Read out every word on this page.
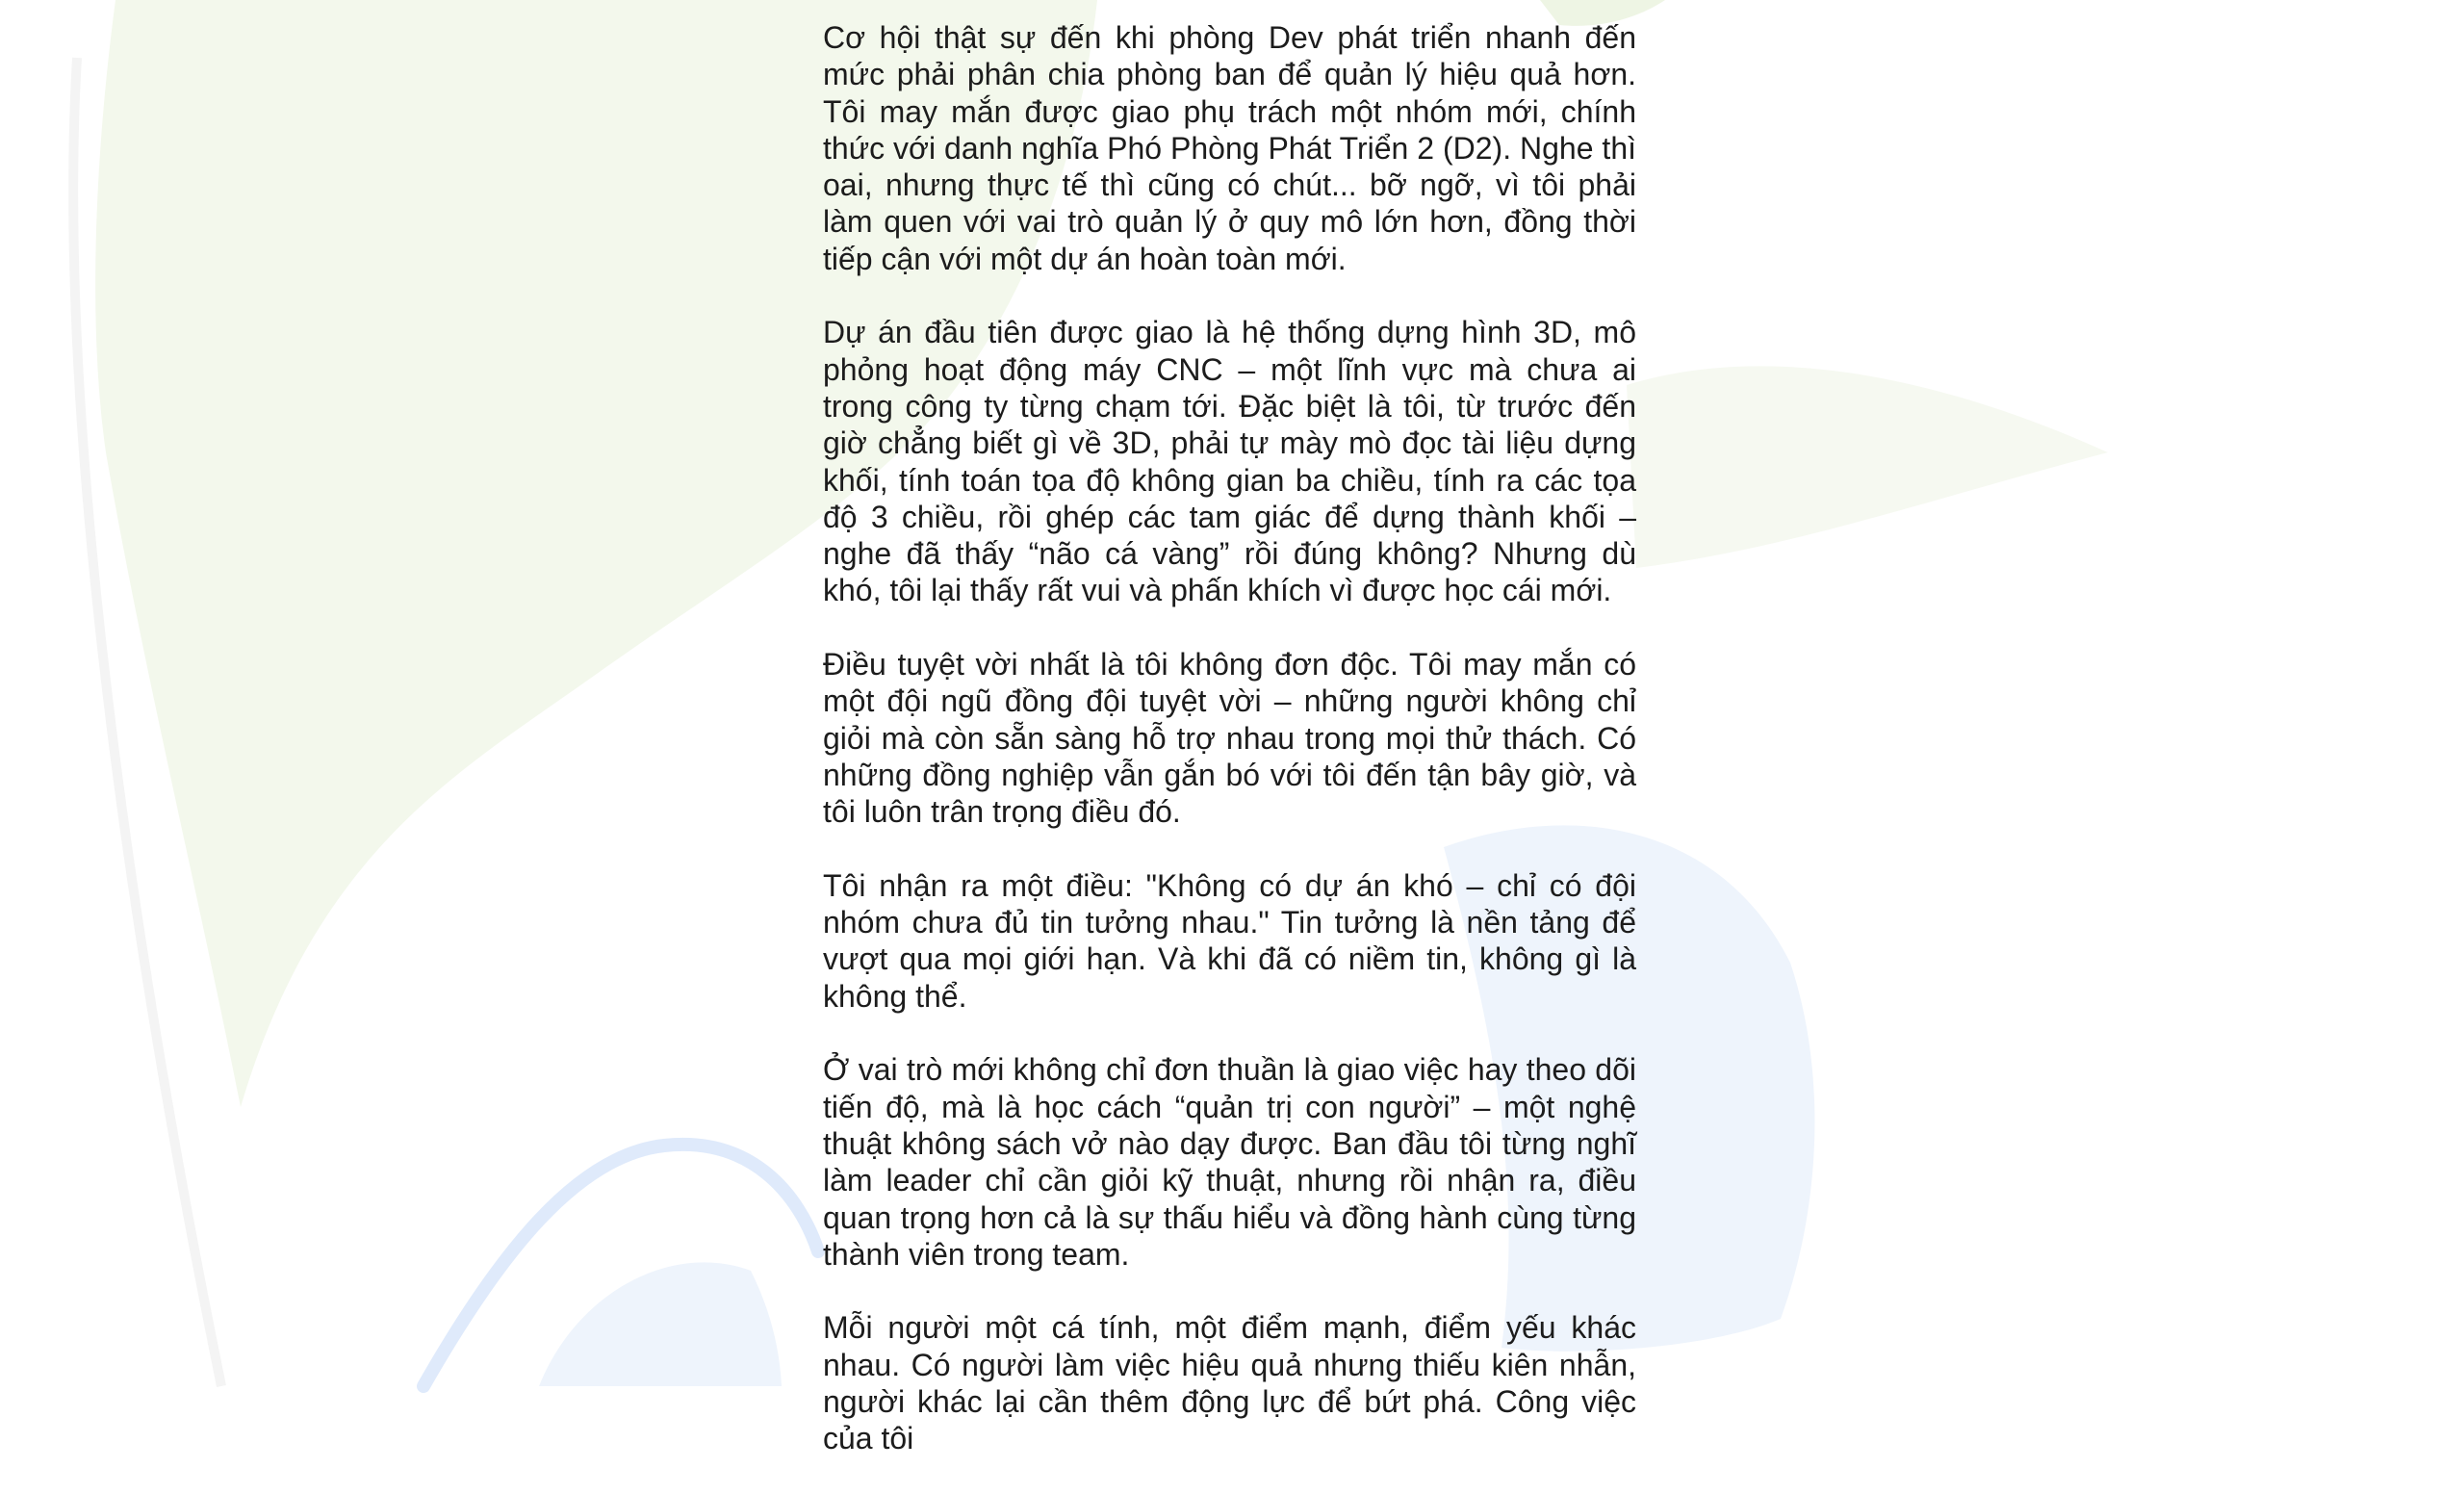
Cơ hội thật sự đến khi phòng Dev phát triển nhanh đến mức phải phân chia phòng ban để quản lý hiệu quả hơn. Tôi may mắn được giao phụ trách một nhóm mới, chính thức với danh nghĩa Phó Phòng Phát Triển 2 (D2). Nghe thì oai, nhưng thực tế thì cũng có chút... bỡ ngỡ, vì tôi phải làm quen với vai trò quản lý ở quy mô lớn hơn, đồng thời tiếp cận với một dự án hoàn toàn mới.

Dự án đầu tiên được giao là hệ thống dựng hình 3D, mô phỏng hoạt động máy CNC – một lĩnh vực mà chưa ai trong công ty từng chạm tới. Đặc biệt là tôi, từ trước đến giờ chẳng biết gì về 3D, phải tự mày mò đọc tài liệu dựng khối, tính toán tọa độ không gian ba chiều, tính ra các tọa độ 3 chiều, rồi ghép các tam giác để dựng thành khối – nghe đã thấy “não cá vàng” rồi đúng không? Nhưng dù khó, tôi lại thấy rất vui và phấn khích vì được học cái mới.

Điều tuyệt vời nhất là tôi không đơn độc. Tôi may mắn có một đội ngũ đồng đội tuyệt vời – những người không chỉ giỏi mà còn sẵn sàng hỗ trợ nhau trong mọi thử thách. Có những đồng nghiệp vẫn gắn bó với tôi đến tận bây giờ, và tôi luôn trân trọng điều đó.

Tôi nhận ra một điều: "Không có dự án khó – chỉ có đội nhóm chưa đủ tin tưởng nhau." Tin tưởng là nền tảng để vượt qua mọi giới hạn. Và khi đã có niềm tin, không gì là không thể.

Ở vai trò mới không chỉ đơn thuần là giao việc hay theo dõi tiến độ, mà là học cách “quản trị con người” – một nghệ thuật không sách vở nào dạy được. Ban đầu tôi từng nghĩ làm leader chỉ cần giỏi kỹ thuật, nhưng rồi nhận ra, điều quan trọng hơn cả là sự thấu hiểu và đồng hành cùng từng thành viên trong team.

Mỗi người một cá tính, một điểm mạnh, điểm yếu khác nhau. Có người làm việc hiệu quả nhưng thiếu kiên nhẫn, người khác lại cần thêm động lực để bứt phá. Công việc của tôi
